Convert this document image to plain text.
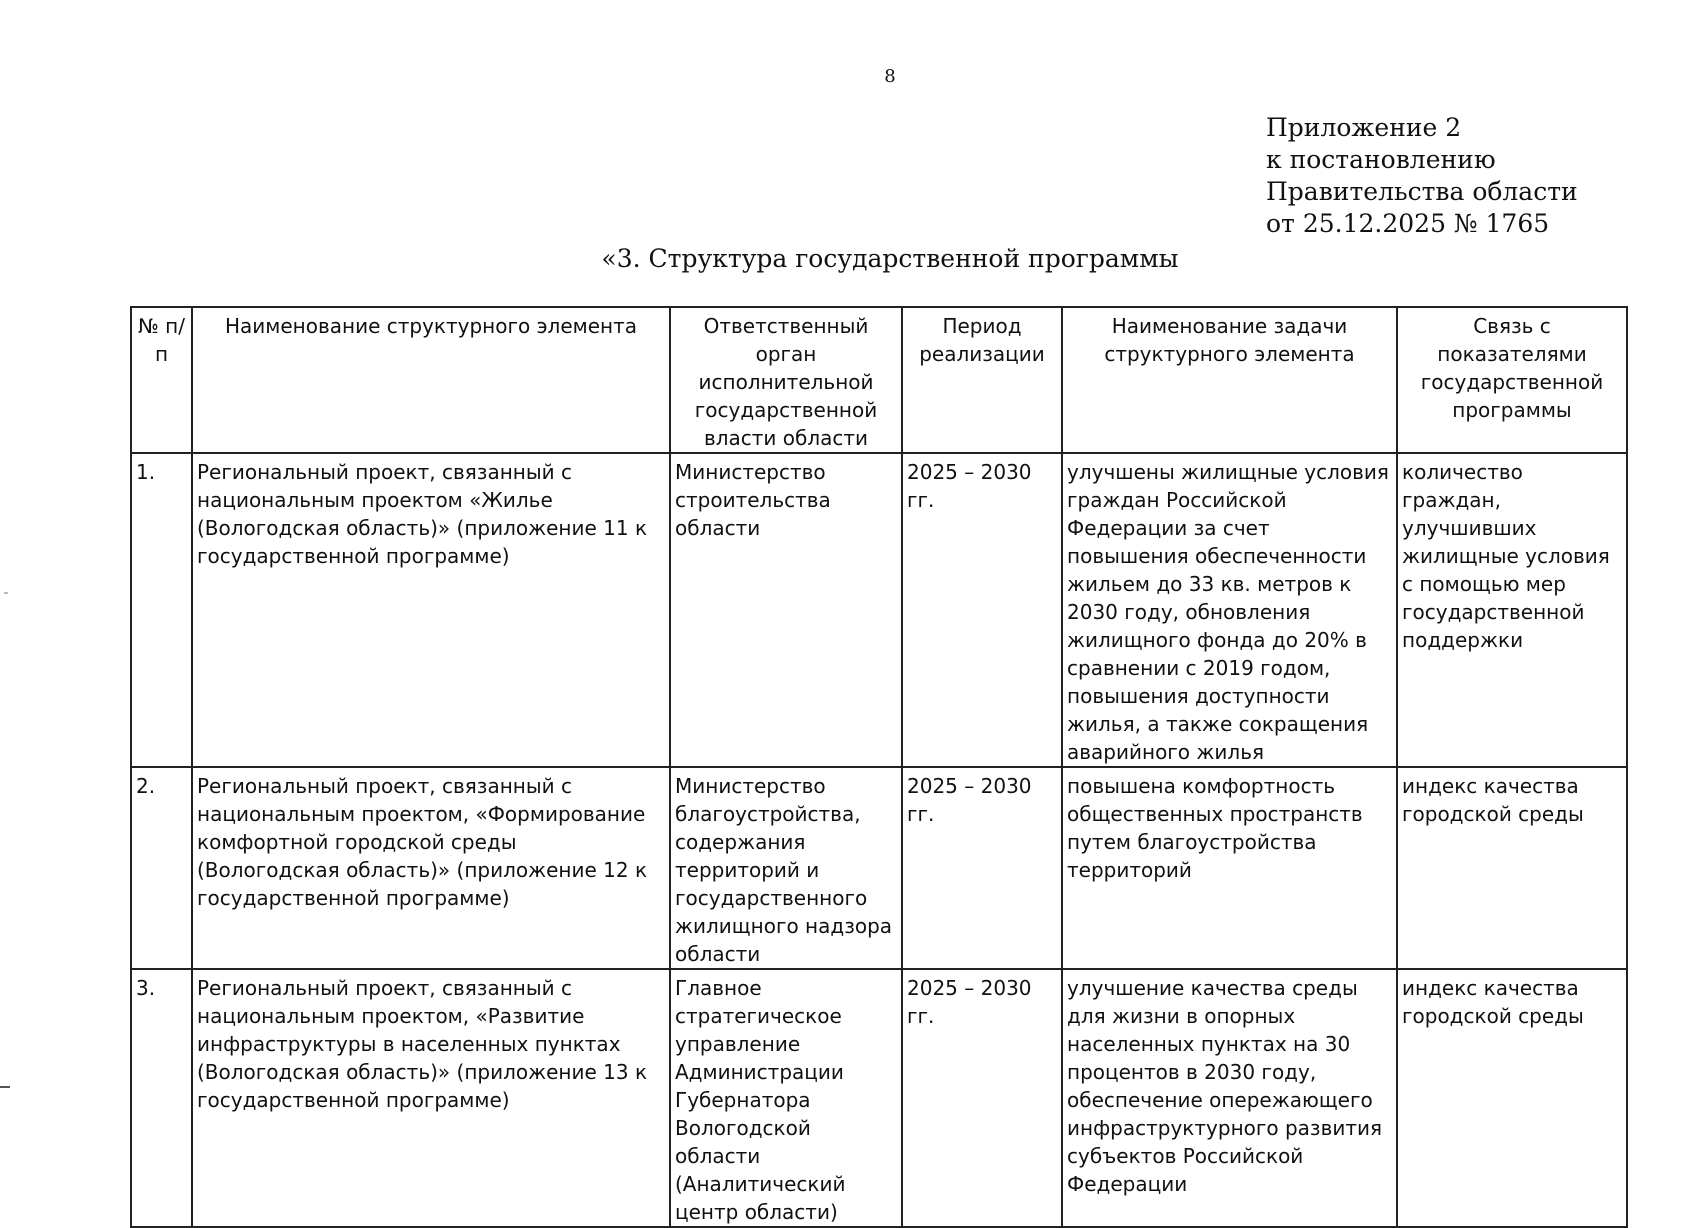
8
Приложение 2
к постановлению
Правительства области
от 25.12.2025 № 1765
«3. Структура государственной программы
№ п/п	Наименование структурного элемента	Ответственный орган исполнительной государственной власти области	Период реализации	Наименование задачи структурного элемента	Связь с показателями государственной программы
1.	Региональный проект, связанный с национальным проектом «Жилье (Вологодская область)» (приложение 11 к государственной программе)	Министерство строительства области	2025 – 2030 гг.	улучшены жилищные условия граждан Российской Федерации за счет повышения обеспеченности жильем до 33 кв. метров к 2030 году, обновления жилищного фонда до 20% в сравнении с 2019 годом, повышения доступности жилья, а также сокращения аварийного жилья	количество граждан, улучшивших жилищные условия с помощью мер государственной поддержки
2.	Региональный проект, связанный с национальным проектом, «Формирование комфортной городской среды (Вологодская область)» (приложение 12 к государственной программе)	Министерство благоустройства, содержания территорий и государственного жилищного надзора области	2025 – 2030 гг.	повышена комфортность общественных пространств путем благоустройства территорий	индекс качества городской среды
3.	Региональный проект, связанный с национальным проектом, «Развитие инфраструктуры в населенных пунктах (Вологодская область)» (приложение 13 к государственной программе)	Главное стратегическое управление Администрации Губернатора Вологодской области (Аналитический центр области)	2025 – 2030 гг.	улучшение качества среды для жизни в опорных населенных пунктах на 30 процентов в 2030 году, обеспечение опережающего инфраструктурного развития субъектов Российской Федерации	индекс качества городской среды
